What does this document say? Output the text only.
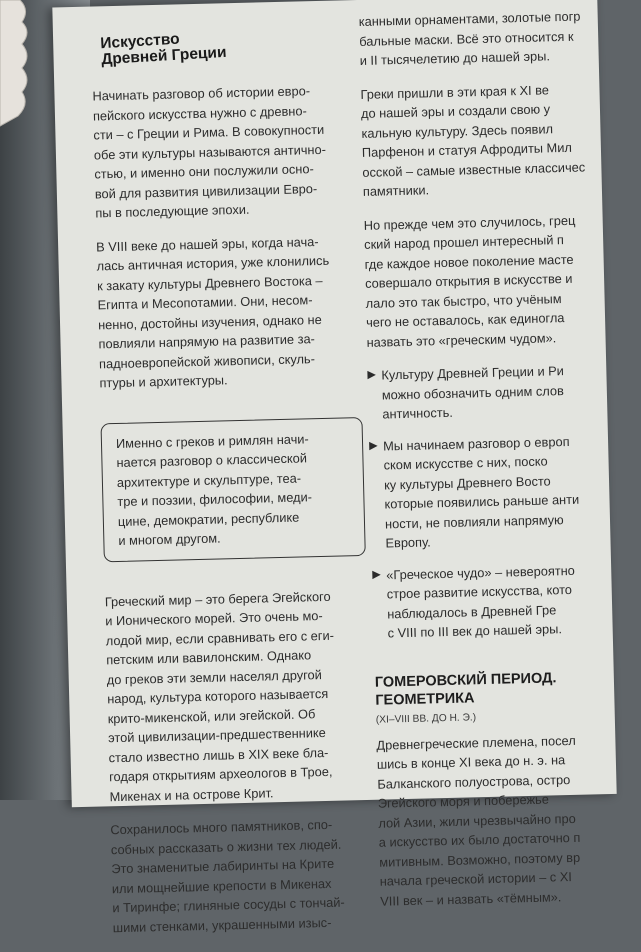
Искусство
Древней Греции

Начинать разговор об истории евро-
пейского искусства нужно с древно-
сти – с Греции и Рима. В совокупности
обе эти культуры называются антично-
стью, и именно они послужили осно-
вой для развития цивилизации Евро-
пы в последующие эпохи.

В VIII веке до нашей эры, когда нача-
лась античная история, уже клонились
к закату культуры Древнего Востока –
Египта и Месопотамии. Они, несом-
ненно, достойны изучения, однако не
повлияли напрямую на развитие за-
падноевропейской живописи, скуль-
птуры и архитектуры.

Именно с греков и римлян начи-
нается разговор о классической
архитектуре и скульптуре, теа-
тре и поэзии, философии, меди-
цине, демократии, республике
и многом другом.

Греческий мир – это берега Эгейского
и Ионического морей. Это очень мо-
лодой мир, если сравнивать его с еги-
петским или вавилонским. Однако
до греков эти земли населял другой
народ, культура которого называется
крито-микенской, или эгейской. Об
этой цивилизации-предшественнике
стало известно лишь в XIX веке бла-
годаря открытиям археологов в Трое,
Микенах и на острове Крит.

Сохранилось много памятников, спо-
собных рассказать о жизни тех людей.
Это знаменитые лабиринты на Крите
или мощнейшие крепости в Микенах
и Тиринфе; глиняные сосуды с тончай-
шими стенками, украшенными изыс-

канными орнаментами, золотые погр
бальные маски. Всё это относится к
и II тысячелетию до нашей эры.

Греки пришли в эти края к XI ве
до нашей эры и создали свою у
кальную культуру. Здесь появил
Парфенон и статуя Афродиты Мил
осской – самые известные классичес
памятники.

Но прежде чем это случилось, грец
ский народ прошел интересный п
где каждое новое поколение масте
совершало открытия в искусстве и
лало это так быстро, что учёным
чего не оставалось, как единогла
назвать это «греческим чудом».

▶ Культуру Древней Греции и Ри
можно обозначить одним слов
античность.
▶ Мы начинаем разговор о европ
ском искусстве с них, поско
ку культуры Древнего Восто
которые появились раньше анти
ности, не повлияли напрямую
Европу.
▶ «Греческое чудо» – невероятно
строе развитие искусства, кото
наблюдалось в Древней Гре
с VIII по III век до нашей эры.
ГОМЕРОВСКИЙ ПЕРИОД.
ГЕОМЕТРИКА
(XI–VIII ВВ. ДО Н. Э.)

Древнегреческие племена, посел
шись в конце XI века до н. э. на
Балканского полуострова, остро
Эгейского моря и побережье
лой Азии, жили чрезвычайно про
а искусство их было достаточно п
митивным. Возможно, поэтому вр
начала греческой истории – с XI
VIII век – и назвать «тёмным».
